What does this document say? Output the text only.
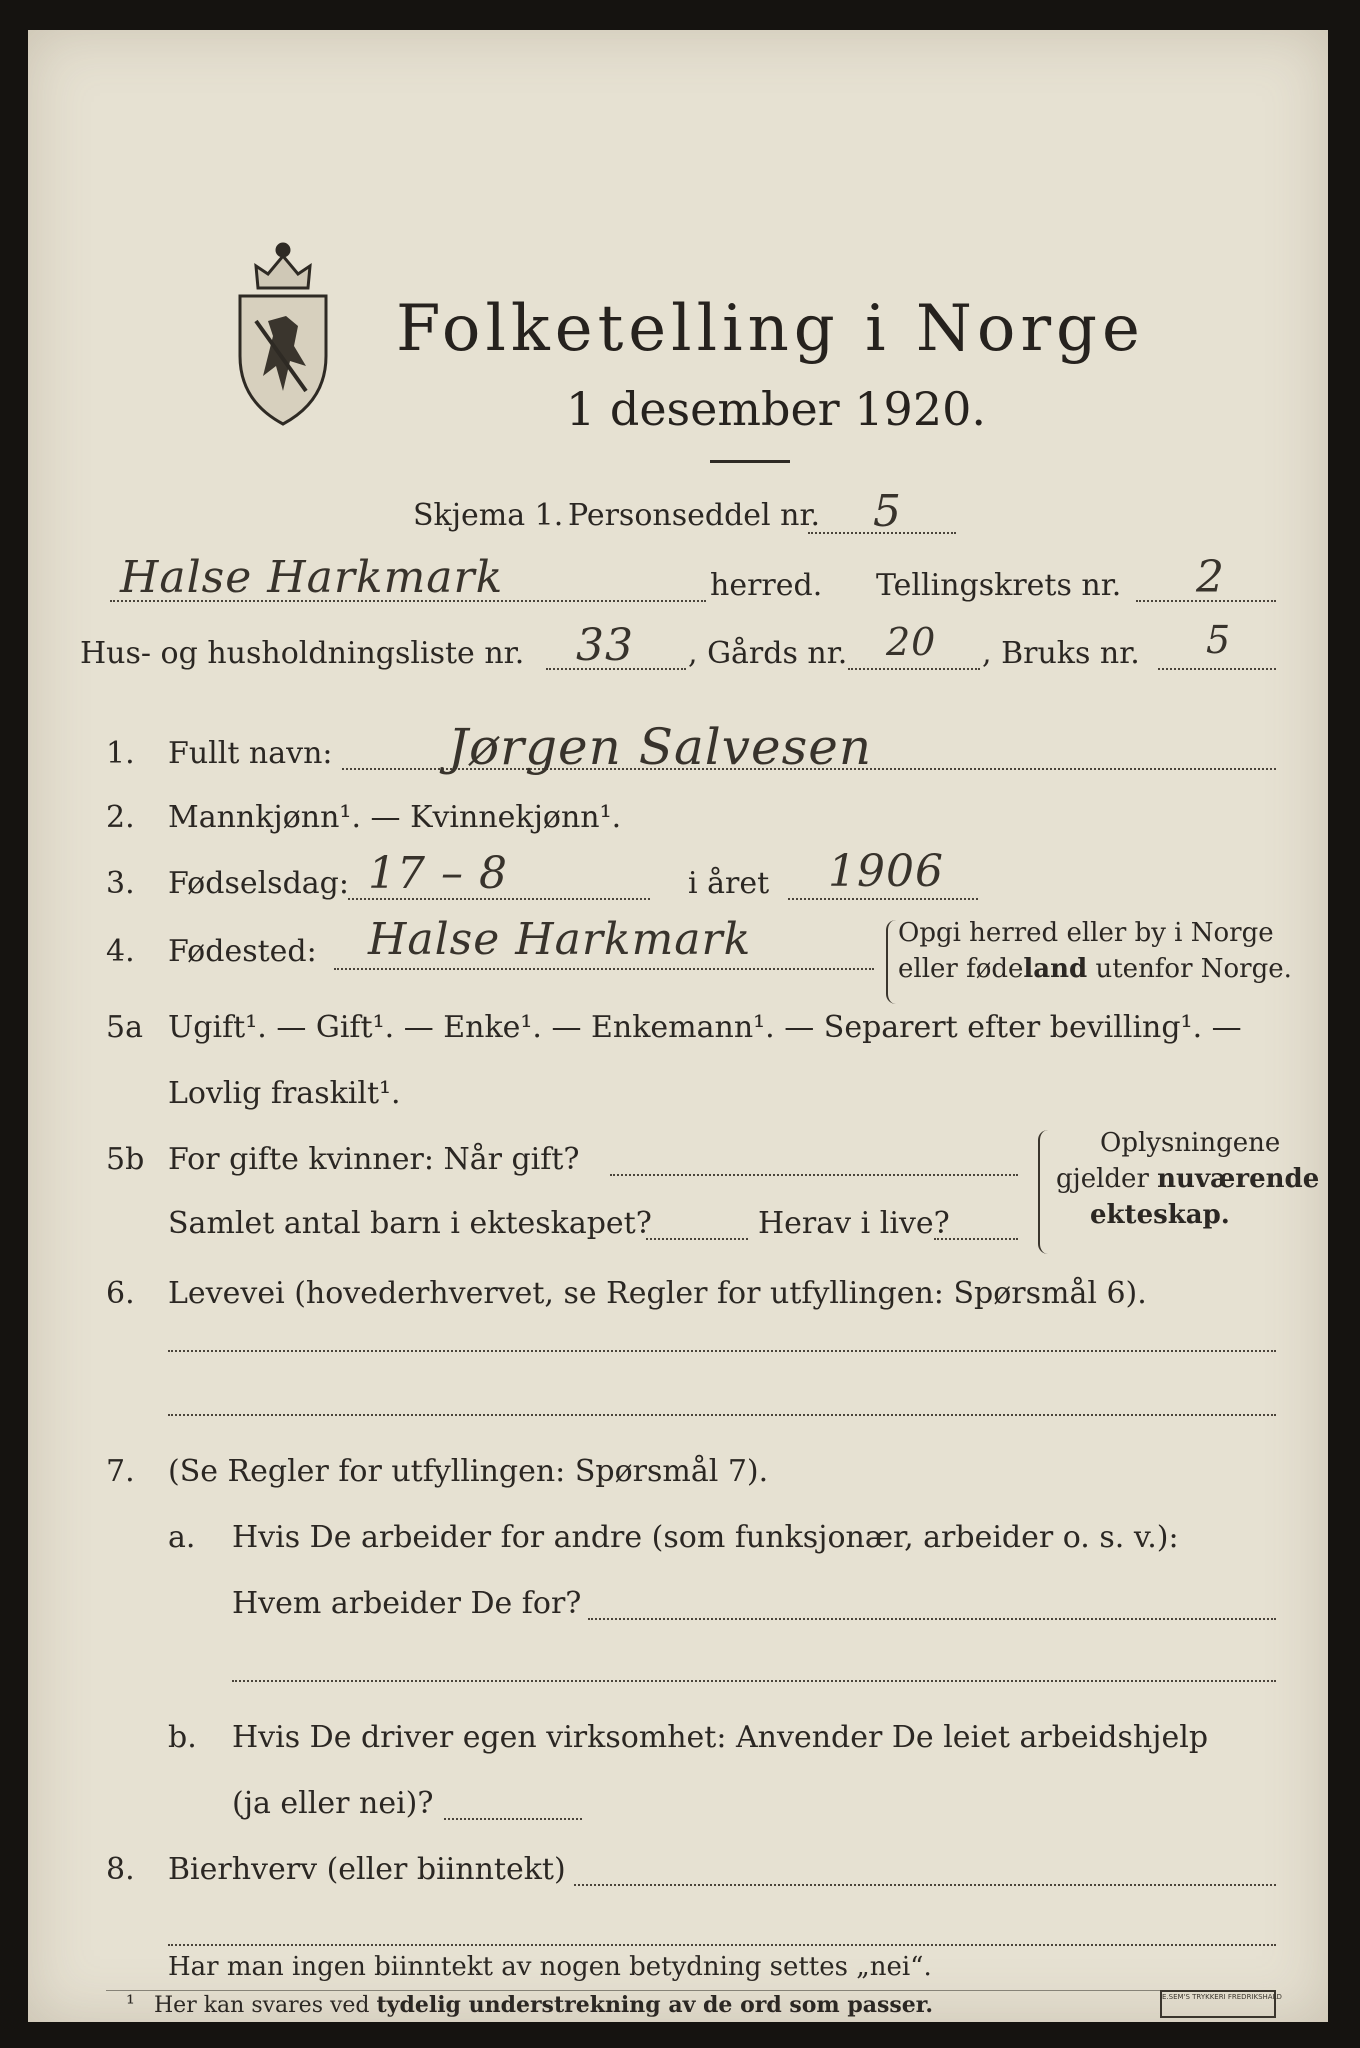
Folketelling i Norge
1 desember 1920.
Skjema 1. Personseddel nr. 5
Halse Harkmark	herred. Tellingskrets nr. 2
Hus- og husholdningsliste nr. 33 , Gårds nr. 20 , Bruks nr. 5
1. Fullt navn: Jørgen Salvesen
2. Mannkjønn¹. — Kvinnekjønn¹.
3. Fødselsdag: 17 – 8	i året 1906
4. Fødested: Halse Harkmark	Opgi herred eller by i Norge
eller fødeland utenfor Norge.
5a Ugift¹. — Gift¹. — Enke¹. — Enkemann¹. — Separert efter bevilling¹. —
Lovlig fraskilt¹.
5b For gifte kvinner: Når gift?
Samlet antal barn i ekteskapet?	Herav i live?
Oplysningene
gjelder nuværende
ekteskap.
6. Levevei (hovederhvervet, se Regler for utfyllingen: Spørsmål 6).
7. (Se Regler for utfyllingen: Spørsmål 7).
a. Hvis De arbeider for andre (som funksjonær, arbeider o. s. v.):
Hvem arbeider De for?
b. Hvis De driver egen virksomhet: Anvender De leiet arbeidshjelp
(ja eller nei)?
8. Bierhverv (eller biinntekt)
Har man ingen biinntekt av nogen betydning settes „nei“.
¹ Her kan svares ved tydelig understrekning av de ord som passer.	E.SEM'S TRYKKERI FREDRIKSHALD
